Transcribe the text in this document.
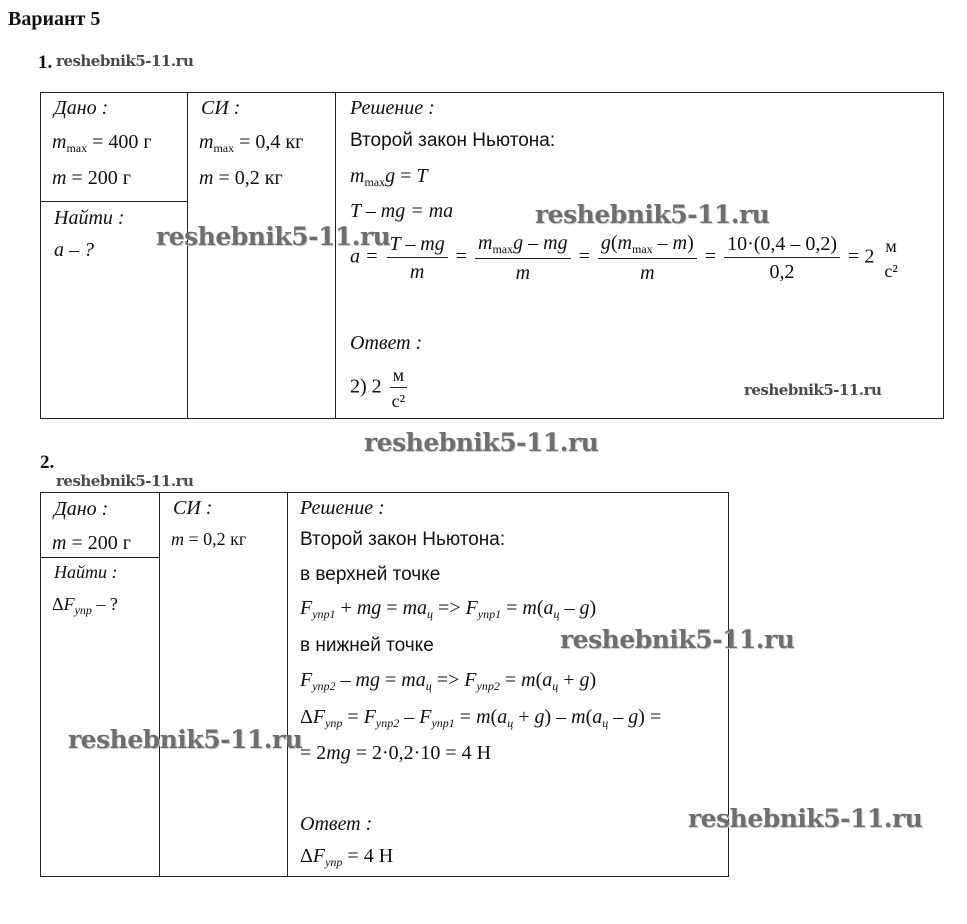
Вариант 5
1. reshebnik5-11.ru
Дано :
$m_{max} = 400$ г
m = 200 г
Найти :
a – ?
СИ :
$m_{max} = 0,4$ кг
m = 0,2 кг
Решение :
Второй закон Ньютона:
$m_{max}g = T$
T – mg = ma
$a = \frac{T - mg}{m} = \frac{m_{max}g - mg}{m} = \frac{g(m_{max} - m)}{m} = \frac{10\cdot(0,4 - 0,2)}{0,2} = 2$
м
с²
Ответ :
2) $2 \frac{м}{\text{с²}}$
reshebnik5-11.ru
reshebnik5-11.ru
reshebnik5-11.ru
reshebnik5-11.ru
2.
reshebnik5-11.ru
Дано :
m = 200 г
Найти :
$\Delta F_{упр}$ – ?
СИ :
m = 0,2 кг
Решение :
Второй закон Ньютона:
в верхней точке
$F_{упр1}$ + mg = $ma_ц => F_{упр1} = m(a_ц - g)$
в нижней точке
$F_{упр2}$ – mg = $ma_ц => F_{упр2} = m(a_ц + g)$
$\Delta F_{упр} = F_{упр2} - F_{упр1} = m(a_ц + g) - m(a_ц - g)$ =
= 2mg = 2·0,2·10 = 4 Н
Ответ :
$\Delta F_{упр} = 4$ Н
reshebnik5-11.ru
reshebnik5-11.ru
reshebnik5-11.ru
